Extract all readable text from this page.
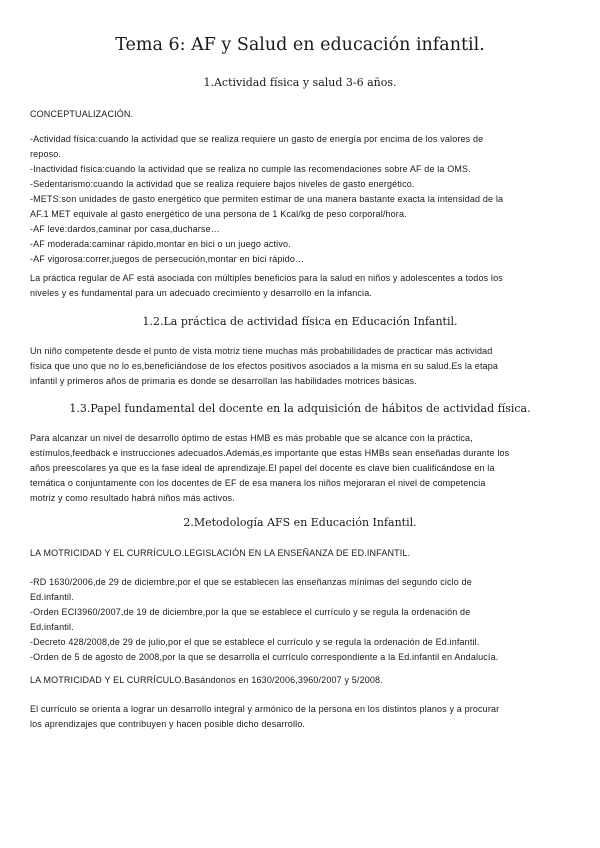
Tema 6: AF y Salud en educación infantil.
1.Actividad física y salud 3-6 años.
CONCEPTUALIZACIÓN.
-Actividad física:cuando la actividad que se realiza requiere un gasto de energía por encima de los valores de
reposo.
-Inactividad física:cuando la actividad que se realiza no cumple las recomendaciones sobre AF de la OMS.
-Sedentarismo:cuando la actividad que se realiza requiere bajos niveles de gasto energético.
-METS:son unidades de gasto energético que permiten estimar de una manera bastante exacta la intensidad de la
AF.1 MET equivale al gasto energético de una persona de 1 Kcal/kg de peso corporal/hora.
-AF leve:dardos,caminar por casa,ducharse…
-AF moderada:caminar rápido,montar en bici o un juego activo.
-AF vigorosa:correr,juegos de persecución,montar en bici rápido…
La práctica regular de AF está asociada con múltiples beneficios para la salud en niños y adolescentes a todos los
niveles y es fundamental para un adecuado crecimiento y desarrollo en la infancia.
1.2.La práctica de actividad física en Educación Infantil.
Un niño competente desde el punto de vista motriz tiene muchas más probabilidades de practicar más actividad
física que uno que no lo es,beneficiándose de los efectos positivos asociados a la misma en su salud.Es la etapa
infantil y primeros años de primaria es donde se desarrollan las habilidades motrices básicas.
1.3.Papel fundamental del docente en la adquisición de hábitos de actividad física.
Para alcanzar un nivel de desarrollo óptimo de estas HMB es más probable que se alcance con la práctica,
estímulos,feedback e instrucciones adecuados.Además,es importante que estas HMBs sean enseñadas durante los
años preescolares ya que es la fase ideal de aprendizaje.El papel del docente es clave bien cualificándose en la
temática o conjuntamente con los docentes de EF de esa manera los niños mejoraran el nivel de competencia
motriz y como resultado habrá niños más activos.
2.Metodología AFS en Educación Infantil.
LA MOTRICIDAD Y EL CURRÍCULO.LEGISLACIÓN EN LA ENSEÑANZA DE ED.INFANTIL.
-RD 1630/2006,de 29 de diciembre,por el que se establecen las enseñanzas mínimas del segundo ciclo de
Ed.infantil.
-Orden ECI3960/2007,de 19 de diciembre,por la que se establece el currículo y se regula la ordenación de
Ed.infantil.
-Decreto 428/2008,de 29 de julio,por el que se establece el currículo y se regula la ordenación de Ed.infantil.
-Orden de 5 de agosto de 2008,por la que se desarrolla el currículo correspondiente a la Ed.infantil en Andalucía.
LA MOTRICIDAD Y EL CURRÍCULO.Basándonos en 1630/2006,3960/2007 y 5/2008.
El currículo se orienta a lograr un desarrollo integral y armónico de la persona en los distintos planos y a procurar
los aprendizajes que contribuyen y hacen posible dicho desarrollo.
